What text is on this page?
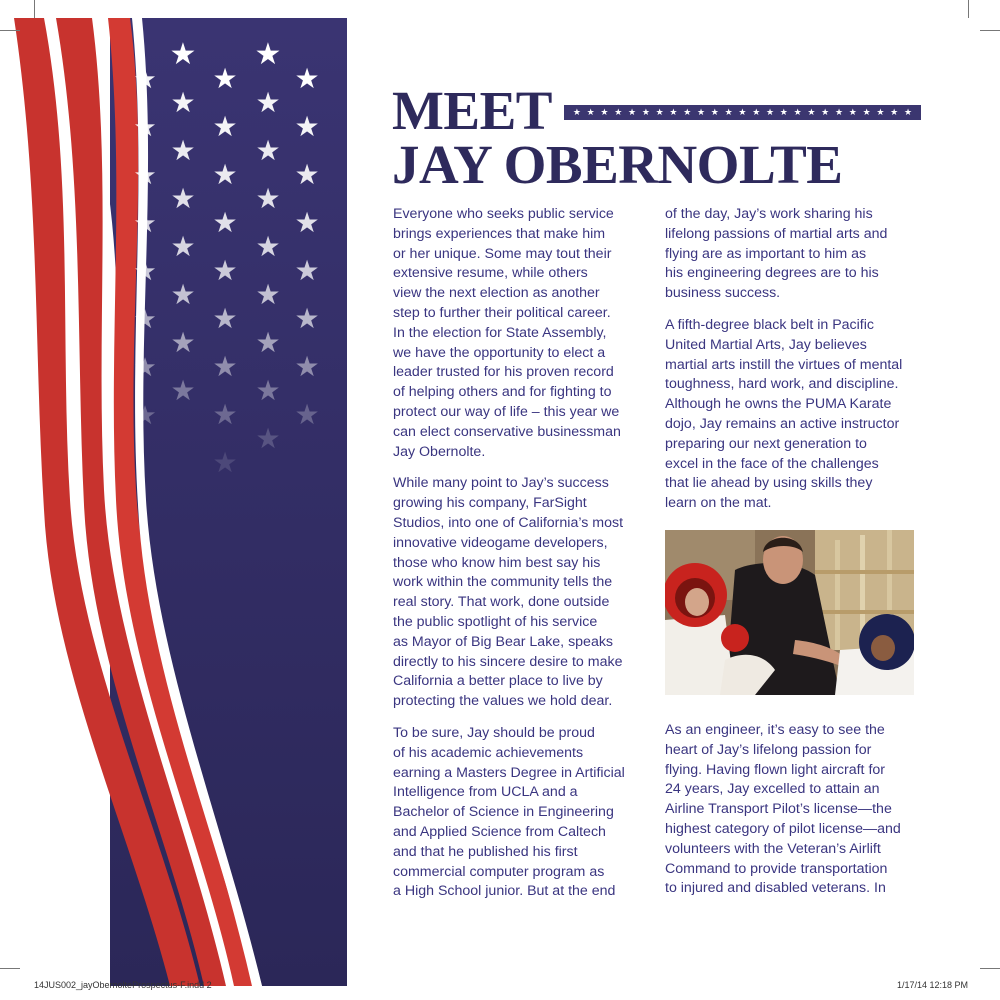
★ ★
★ ★ ★
★ ★
★ ★ ★
★ ★
★ ★ ★
★ ★
★ ★ ★
★ ★
★ ★ ★
★ ★
★ ★ ★
★ ★
★ ★ ★
★ ★
★ ★ ★
★
★
MEET ★ ★ ★ ★ ★ ★ ★ ★ ★ ★ ★ ★ ★ ★ ★ ★ ★ ★ ★ ★ ★ ★ ★ ★ ★
JAY OBERNOLTE

Everyone who seeks public service
brings experiences that make him
or her unique. Some may tout their
extensive resume, while others
view the next election as another
step to further their political career.
In the election for State Assembly,
we have the opportunity to elect a
leader trusted for his proven record
of helping others and for fighting to
protect our way of life – this year we
can elect conservative businessman
Jay Obernolte.

While many point to Jay’s success
growing his company, FarSight
Studios, into one of California’s most
innovative videogame developers,
those who know him best say his
work within the community tells the
real story. That work, done outside
the public spotlight of his service
as Mayor of Big Bear Lake, speaks
directly to his sincere desire to make
California a better place to live by
protecting the values we hold dear.

To be sure, Jay should be proud
of his academic achievements
earning a Masters Degree in Artificial
Intelligence from UCLA and a
Bachelor of Science in Engineering
and Applied Science from Caltech
and that he published his first
commercial computer program as
a High School junior. But at the end

of the day, Jay’s work sharing his
lifelong passions of martial arts and
flying are as important to him as
his engineering degrees are to his
business success.

A fifth-degree black belt in Pacific
United Martial Arts, Jay believes
martial arts instill the virtues of mental
toughness, hard work, and discipline.
Although he owns the PUMA Karate
dojo, Jay remains an active instructor
preparing our next generation to
excel in the face of the challenges
that lie ahead by using skills they
learn on the mat.

As an engineer, it’s easy to see the
heart of Jay’s lifelong passion for
flying. Having flown light aircraft for
24 years, Jay excelled to attain an
Airline Transport Pilot’s license—the
highest category of pilot license—and
volunteers with the Veteran’s Airlift
Command to provide transportation
to injured and disabled veterans. In

14JUS002_jayObernolteProspectus-F.indd 2	1/17/14 12:18 PM
